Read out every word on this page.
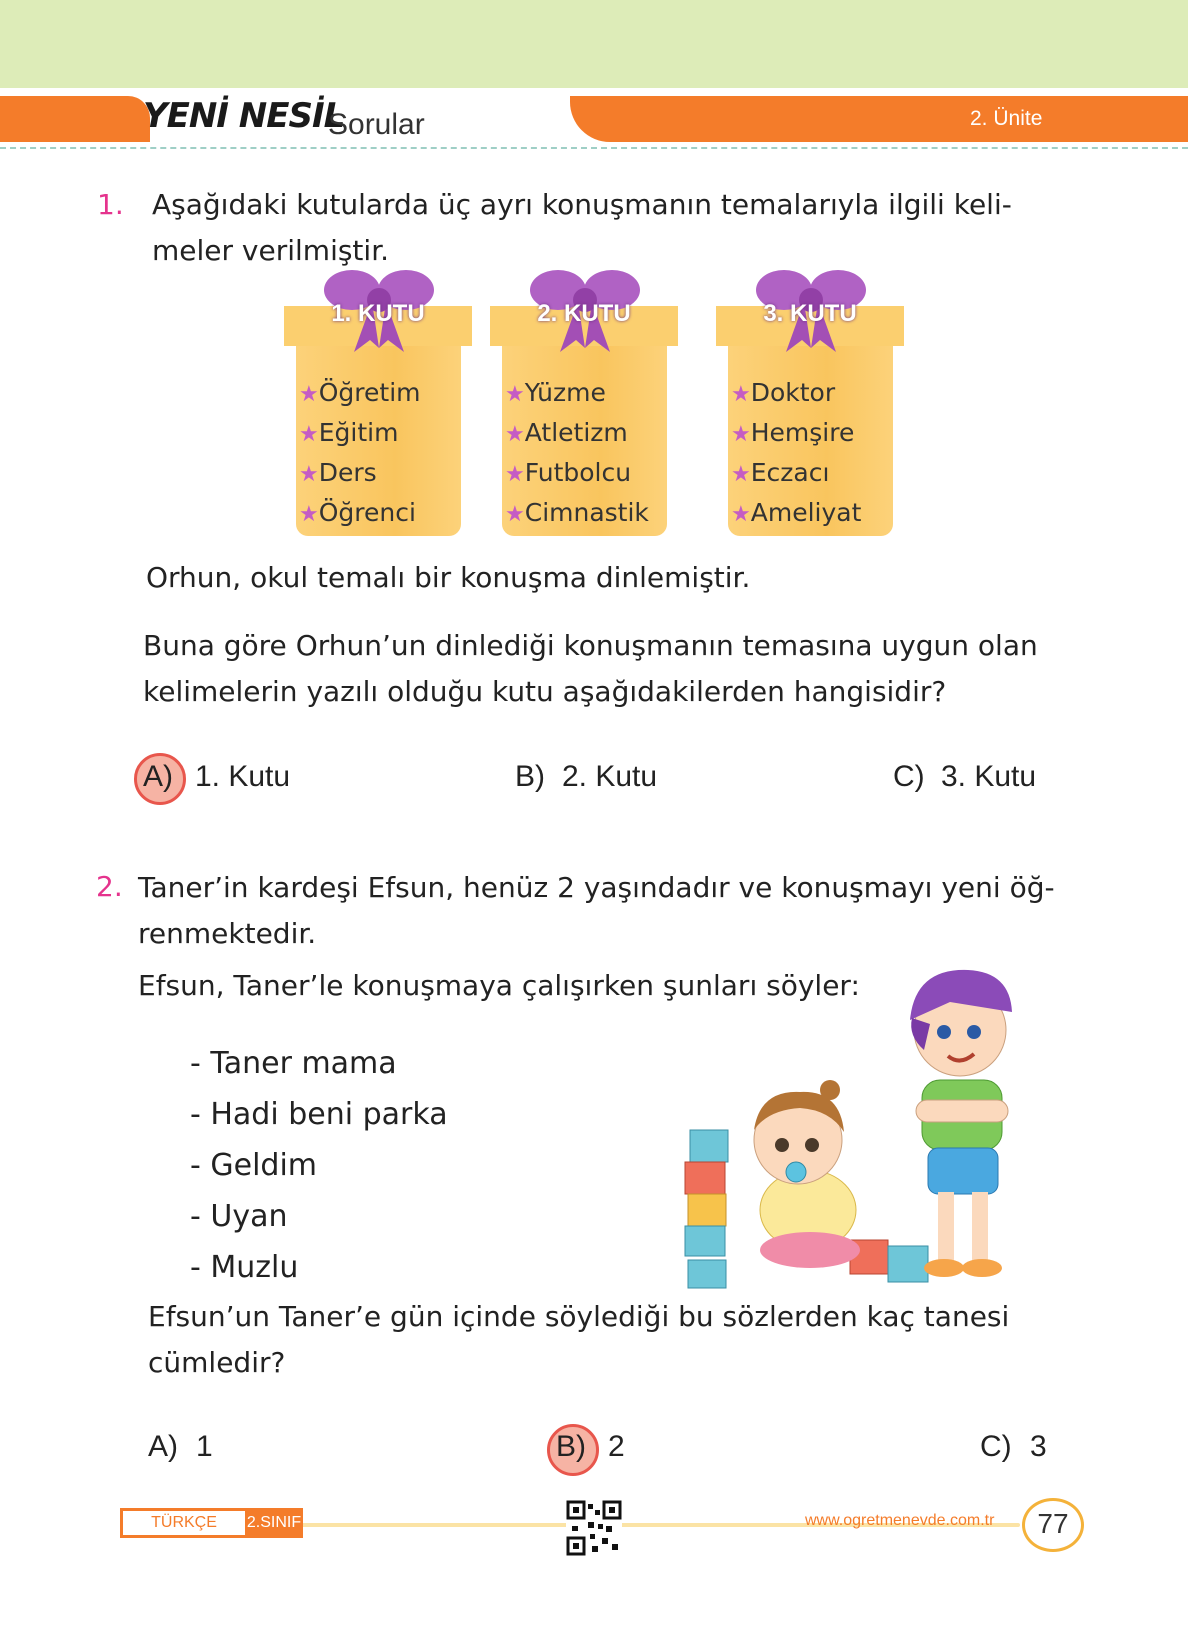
YENİ NESİL
Sorular	2. Ünite
1. Aşağıdaki kutularda üç ayrı konuşmanın temalarıyla ilgili keli-
meler verilmiştir.
1. KUTU
★Öğretim
★Eğitim
★Ders
★Öğrenci
2. KUTU
★Yüzme
★Atletizm
★Futbolcu
★Cimnastik
3. KUTU
★Doktor
★Hemşire
★Eczacı
★Ameliyat
Orhun, okul temalı bir konuşma dinlemiştir.
Buna göre Orhun’un dinlediği konuşmanın temasına uygun olan
kelimelerin yazılı olduğu kutu aşağıdakilerden hangisidir?
A) 1. Kutu	B) 2. Kutu	C) 3. Kutu
2. Taner’in kardeşi Efsun, henüz 2 yaşındadır ve konuşmayı yeni öğ-
renmektedir.
Efsun, Taner’le konuşmaya çalışırken şunları söyler:
- Taner mama
- Hadi beni parka
- Geldim
- Uyan
- Muzlu
Efsun’un Taner’e gün içinde söylediği bu sözlerden kaç tanesi
cümledir?
A) 1	B) 2	C) 3
TÜRKÇE	2.SINIF	www.ogretmenevde.com.tr	77
